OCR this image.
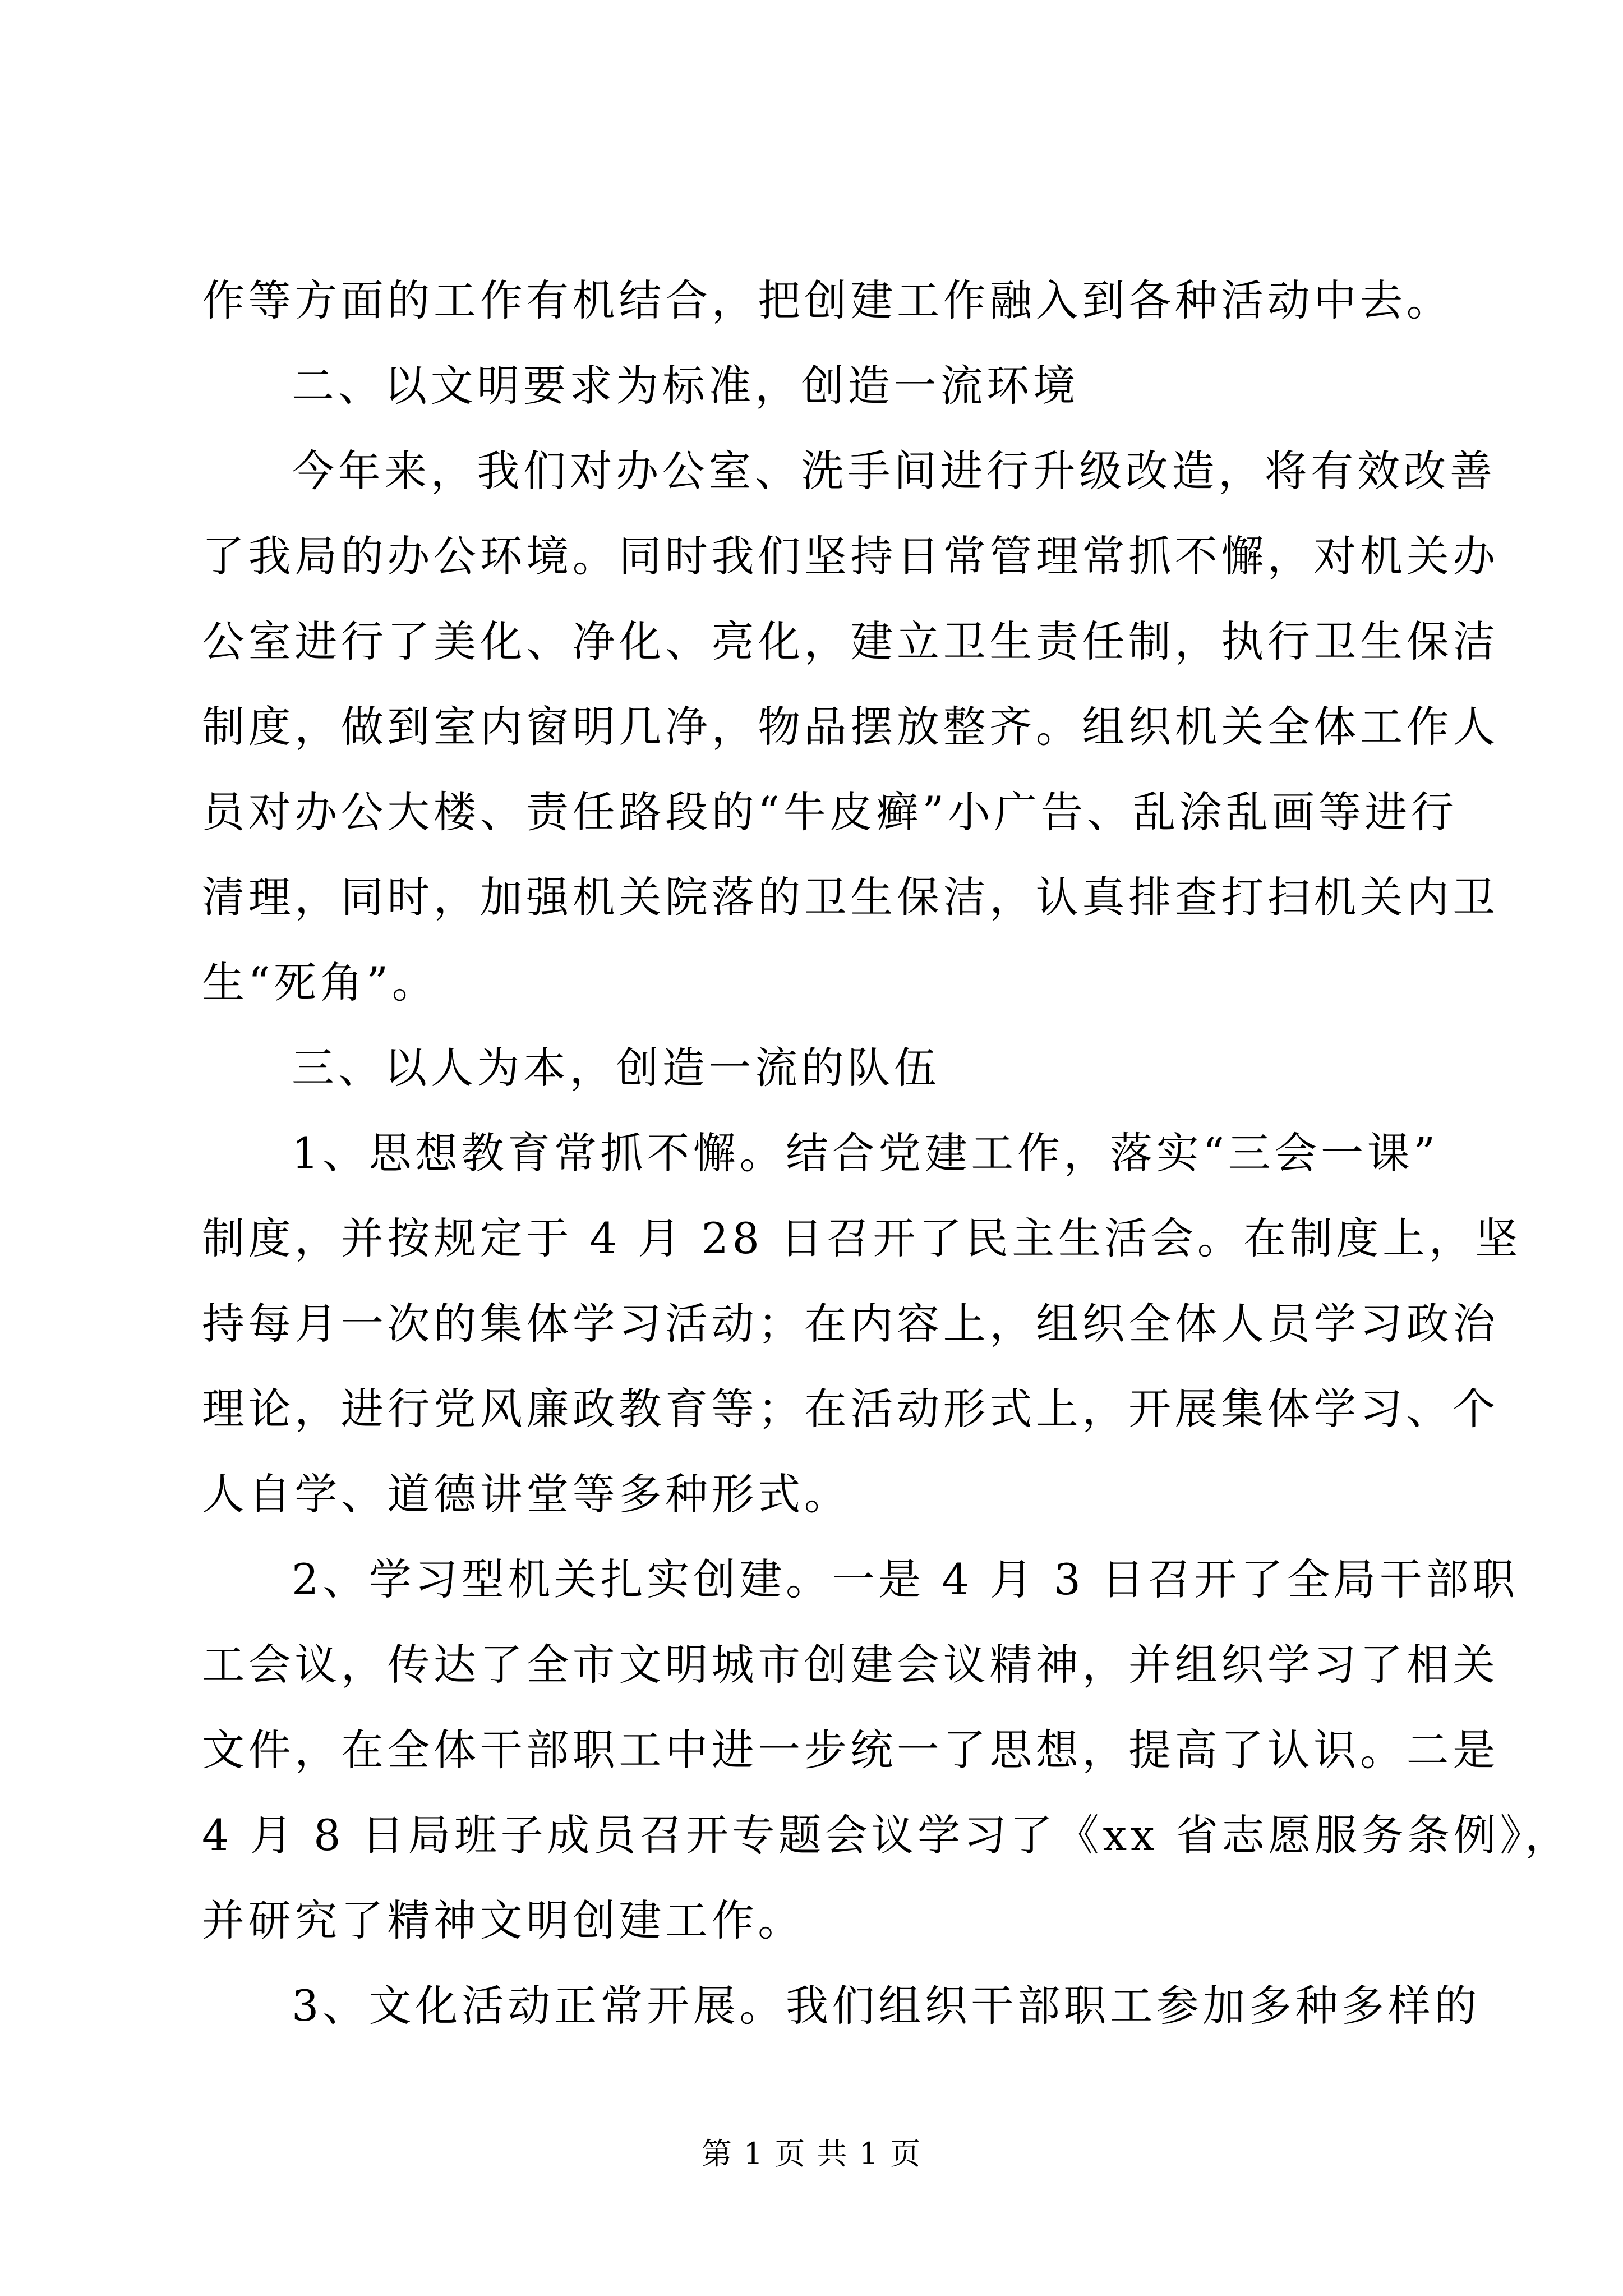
作等方面的工作有机结合，把创建工作融入到各种活动中去。
二、以文明要求为标准，创造一流环境
今年来，我们对办公室、洗手间进行升级改造，将有效改善
了我局的办公环境。同时我们坚持日常管理常抓不懈，对机关办
公室进行了美化、净化、亮化，建立卫生责任制，执行卫生保洁
制度，做到室内窗明几净，物品摆放整齐。组织机关全体工作人
员对办公大楼、责任路段的“牛皮癣”小广告、乱涂乱画等进行
清理，同时，加强机关院落的卫生保洁，认真排查打扫机关内卫
生“死角”。
三、以人为本，创造一流的队伍
1、思想教育常抓不懈。结合党建工作，落实“三会一课”
制度，并按规定于 4 月 28 日召开了民主生活会。在制度上，坚
持每月一次的集体学习活动；在内容上，组织全体人员学习政治
理论，进行党风廉政教育等；在活动形式上，开展集体学习、个
人自学、道德讲堂等多种形式。
2、学习型机关扎实创建。一是 4 月 3 日召开了全局干部职
工会议，传达了全市文明城市创建会议精神，并组织学习了相关
文件，在全体干部职工中进一步统一了思想，提高了认识。二是
4 月 8 日局班子成员召开专题会议学习了《xx 省志愿服务条例》，
并研究了精神文明创建工作。
3、文化活动正常开展。我们组织干部职工参加多种多样的
第 1 页 共 1 页
